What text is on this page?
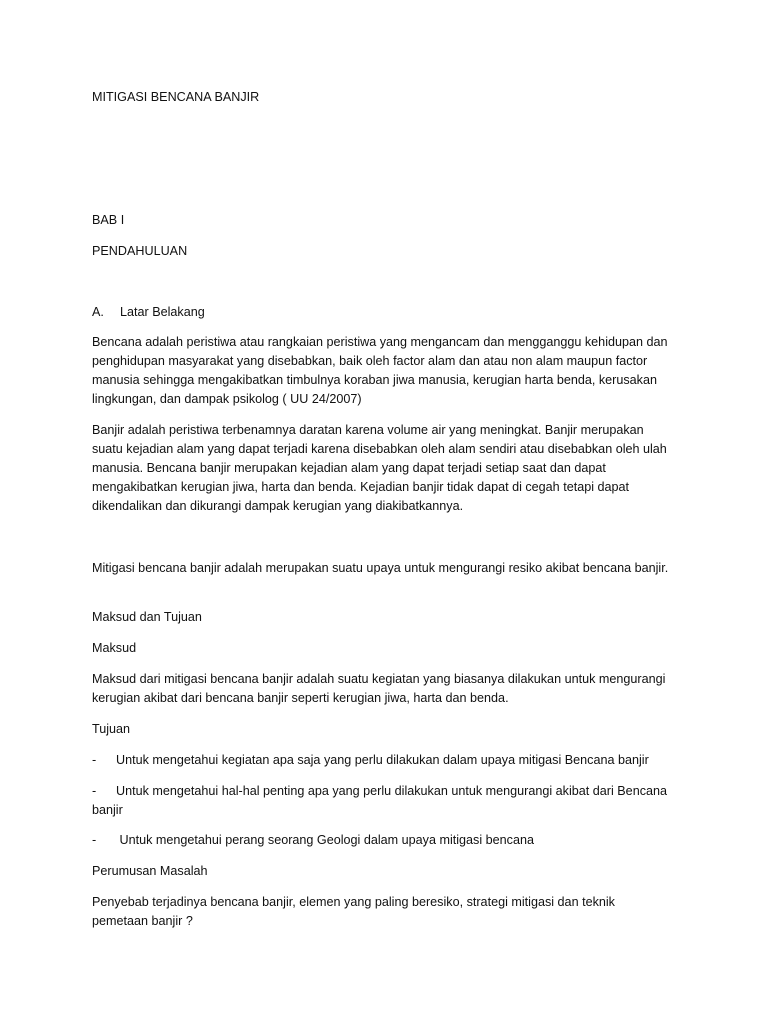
MITIGASI BENCANA BANJIR

BAB I

PENDAHULUAN

A. Latar Belakang

Bencana adalah peristiwa atau rangkaian peristiwa yang mengancam dan mengganggu kehidupan dan penghidupan masyarakat yang disebabkan, baik oleh factor alam dan atau non alam maupun factor manusia sehingga mengakibatkan timbulnya koraban jiwa manusia, kerugian harta benda, kerusakan lingkungan, dan dampak psikolog ( UU 24/2007)

Banjir adalah peristiwa terbenamnya daratan karena volume air yang meningkat. Banjir merupakan suatu kejadian alam yang dapat terjadi karena disebabkan oleh alam sendiri atau disebabkan oleh ulah manusia. Bencana banjir merupakan kejadian alam yang dapat terjadi setiap saat dan dapat mengakibatkan kerugian jiwa, harta dan benda. Kejadian banjir tidak dapat di cegah tetapi dapat dikendalikan dan dikurangi dampak kerugian yang diakibatkannya.

Mitigasi bencana banjir adalah merupakan suatu upaya untuk mengurangi resiko akibat bencana banjir.

Maksud dan Tujuan

Maksud

Maksud dari mitigasi bencana banjir adalah suatu kegiatan yang biasanya dilakukan untuk mengurangi kerugian akibat dari bencana banjir seperti kerugian jiwa, harta dan benda.

Tujuan

- Untuk mengetahui kegiatan apa saja yang perlu dilakukan dalam upaya mitigasi Bencana banjir

- Untuk mengetahui hal-hal penting apa yang perlu dilakukan untuk mengurangi akibat dari Bencana banjir

- Untuk mengetahui perang seorang Geologi dalam upaya mitigasi bencana

Perumusan Masalah

Penyebab terjadinya bencana banjir, elemen yang paling beresiko, strategi mitigasi dan teknik pemetaan banjir ?
